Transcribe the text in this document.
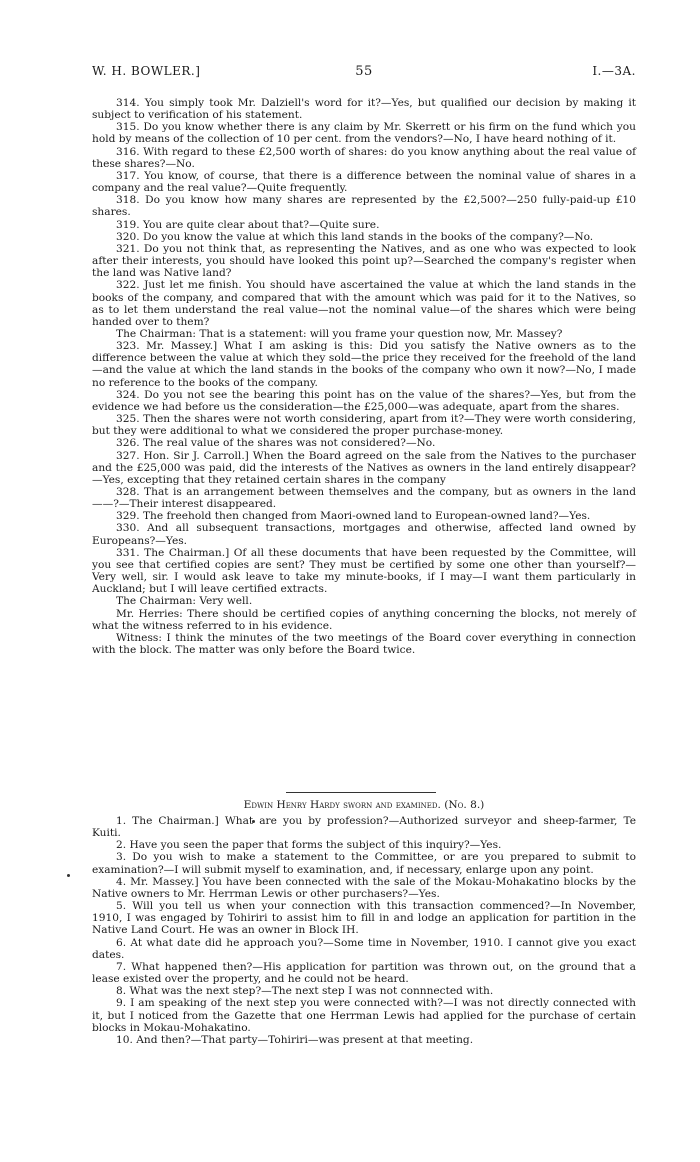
W. H. BOWLER.]	55	I.—3A.

314. You simply took Mr. Dalziell's word for it?—Yes, but qualified our decision by making it subject to verification of his statement.

315. Do you know whether there is any claim by Mr. Skerrett or his firm on the fund which you hold by means of the collection of 10 per cent. from the vendors?—No, I have heard nothing of it.

316. With regard to these £2,500 worth of shares: do you know anything about the real value of these shares?—No.

317. You know, of course, that there is a difference between the nominal value of shares in a company and the real value?—Quite frequently.

318. Do you know how many shares are represented by the £2,500?—250 fully-paid-up £10 shares.

319. You are quite clear about that?—Quite sure.

320. Do you know the value at which this land stands in the books of the company?—No.

321. Do you not think that, as representing the Natives, and as one who was expected to look after their interests, you should have looked this point up?—Searched the company's register when the land was Native land?

322. Just let me finish. You should have ascertained the value at which the land stands in the books of the company, and compared that with the amount which was paid for it to the Natives, so as to let them understand the real value—not the nominal value—of the shares which were being handed over to them?

The Chairman: That is a statement: will you frame your question now, Mr. Massey?

323. Mr. Massey.] What I am asking is this: Did you satisfy the Native owners as to the difference between the value at which they sold—the price they received for the freehold of the land—and the value at which the land stands in the books of the company who own it now?—No, I made no reference to the books of the company.

324. Do you not see the bearing this point has on the value of the shares?—Yes, but from the evidence we had before us the consideration—the £25,000—was adequate, apart from the shares.

325. Then the shares were not worth considering, apart from it?—They were worth considering, but they were additional to what we considered the proper purchase-money.

326. The real value of the shares was not considered?—No.

327. Hon. Sir J. Carroll.] When the Board agreed on the sale from the Natives to the purchaser and the £25,000 was paid, did the interests of the Natives as owners in the land entirely disappear?—Yes, excepting that they retained certain shares in the company

328. That is an arrangement between themselves and the company, but as owners in the land——?—Their interest disappeared.

329. The freehold then changed from Maori-owned land to European-owned land?—Yes.

330. And all subsequent transactions, mortgages and otherwise, affected land owned by Europeans?—Yes.

331. The Chairman.] Of all these documents that have been requested by the Committee, will you see that certified copies are sent? They must be certified by some one other than yourself?—Very well, sir. I would ask leave to take my minute-books, if I may—I want them particularly in Auckland; but I will leave certified extracts.

The Chairman: Very well.

Mr. Herries: There should be certified copies of anything concerning the blocks, not merely of what the witness referred to in his evidence.

Witness: I think the minutes of the two meetings of the Board cover everything in connection with the block. The matter was only before the Board twice.

Edwin Henry Hardy sworn and examined. (No. 8.)

1. The Chairman.] What are you by profession?—Authorized surveyor and sheep-farmer, Te Kuiti.

2. Have you seen the paper that forms the subject of this inquiry?—Yes.

3. Do you wish to make a statement to the Committee, or are you prepared to submit to examination?—I will submit myself to examination, and, if necessary, enlarge upon any point.

4. Mr. Massey.] You have been connected with the sale of the Mokau-Mohakatino blocks by the Native owners to Mr. Herrman Lewis or other purchasers?—Yes.

5. Will you tell us when your connection with this transaction commenced?—In November, 1910, I was engaged by Tohiriri to assist him to fill in and lodge an application for partition in the Native Land Court. He was an owner in Block IH.

6. At what date did he approach you?—Some time in November, 1910. I cannot give you exact dates.

7. What happened then?—His application for partition was thrown out, on the ground that a lease existed over the property, and he could not be heard.

8. What was the next step?—The next step I was not connnected with.

9. I am speaking of the next step you were connected with?—I was not directly connected with it, but I noticed from the Gazette that one Herrman Lewis had applied for the purchase of certain blocks in Mokau-Mohakatino.

10. And then?—That party—Tohiriri—was present at that meeting.
